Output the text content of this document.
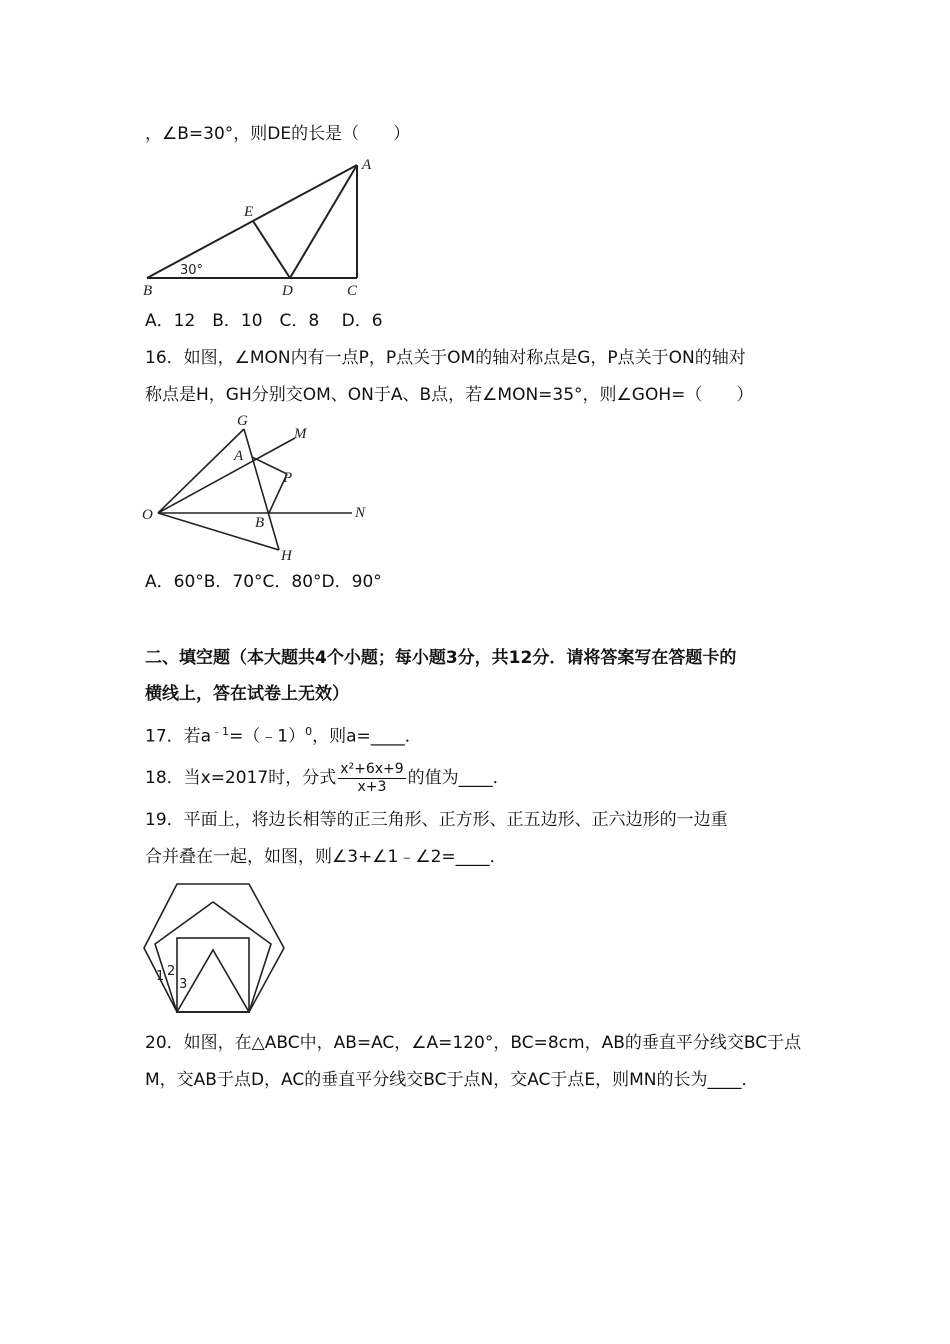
，∠B=30°，则DE的长是（　　）
A
E
B	D	C
30°
A．12　B．10　C．8　 D．6
16．如图，∠MON内有一点P，P点关于OM的轴对称点是G，P点关于ON的轴对
称点是H，GH分别交OM、ON于A、B点，若∠MON=35°，则∠GOH=（　　）
G
M
A
P
O	B
N
H
A．60°B．70°C．80°D．90°
二、填空题（本大题共4个小题；每小题3分，共12分．请将答案写在答题卡的
横线上，答在试卷上无效）
17．若$a^{﹣1}=(﹣1)^0$，则a=____．
18．当x=2017时，分式 $\frac{\text{x²+6x+9}}{x+3}$ 的值为____．
19．平面上，将边长相等的正三角形、正方形、正五边形、正六边形的一边重
合并叠在一起，如图，则∠3+∠1﹣∠2=____．
1 2
3
20．如图，在△ABC中，AB=AC，∠A=120°，BC=8cm，AB的垂直平分线交BC于点
M，交AB于点D，AC的垂直平分线交BC于点N，交AC于点E，则MN的长为____．
